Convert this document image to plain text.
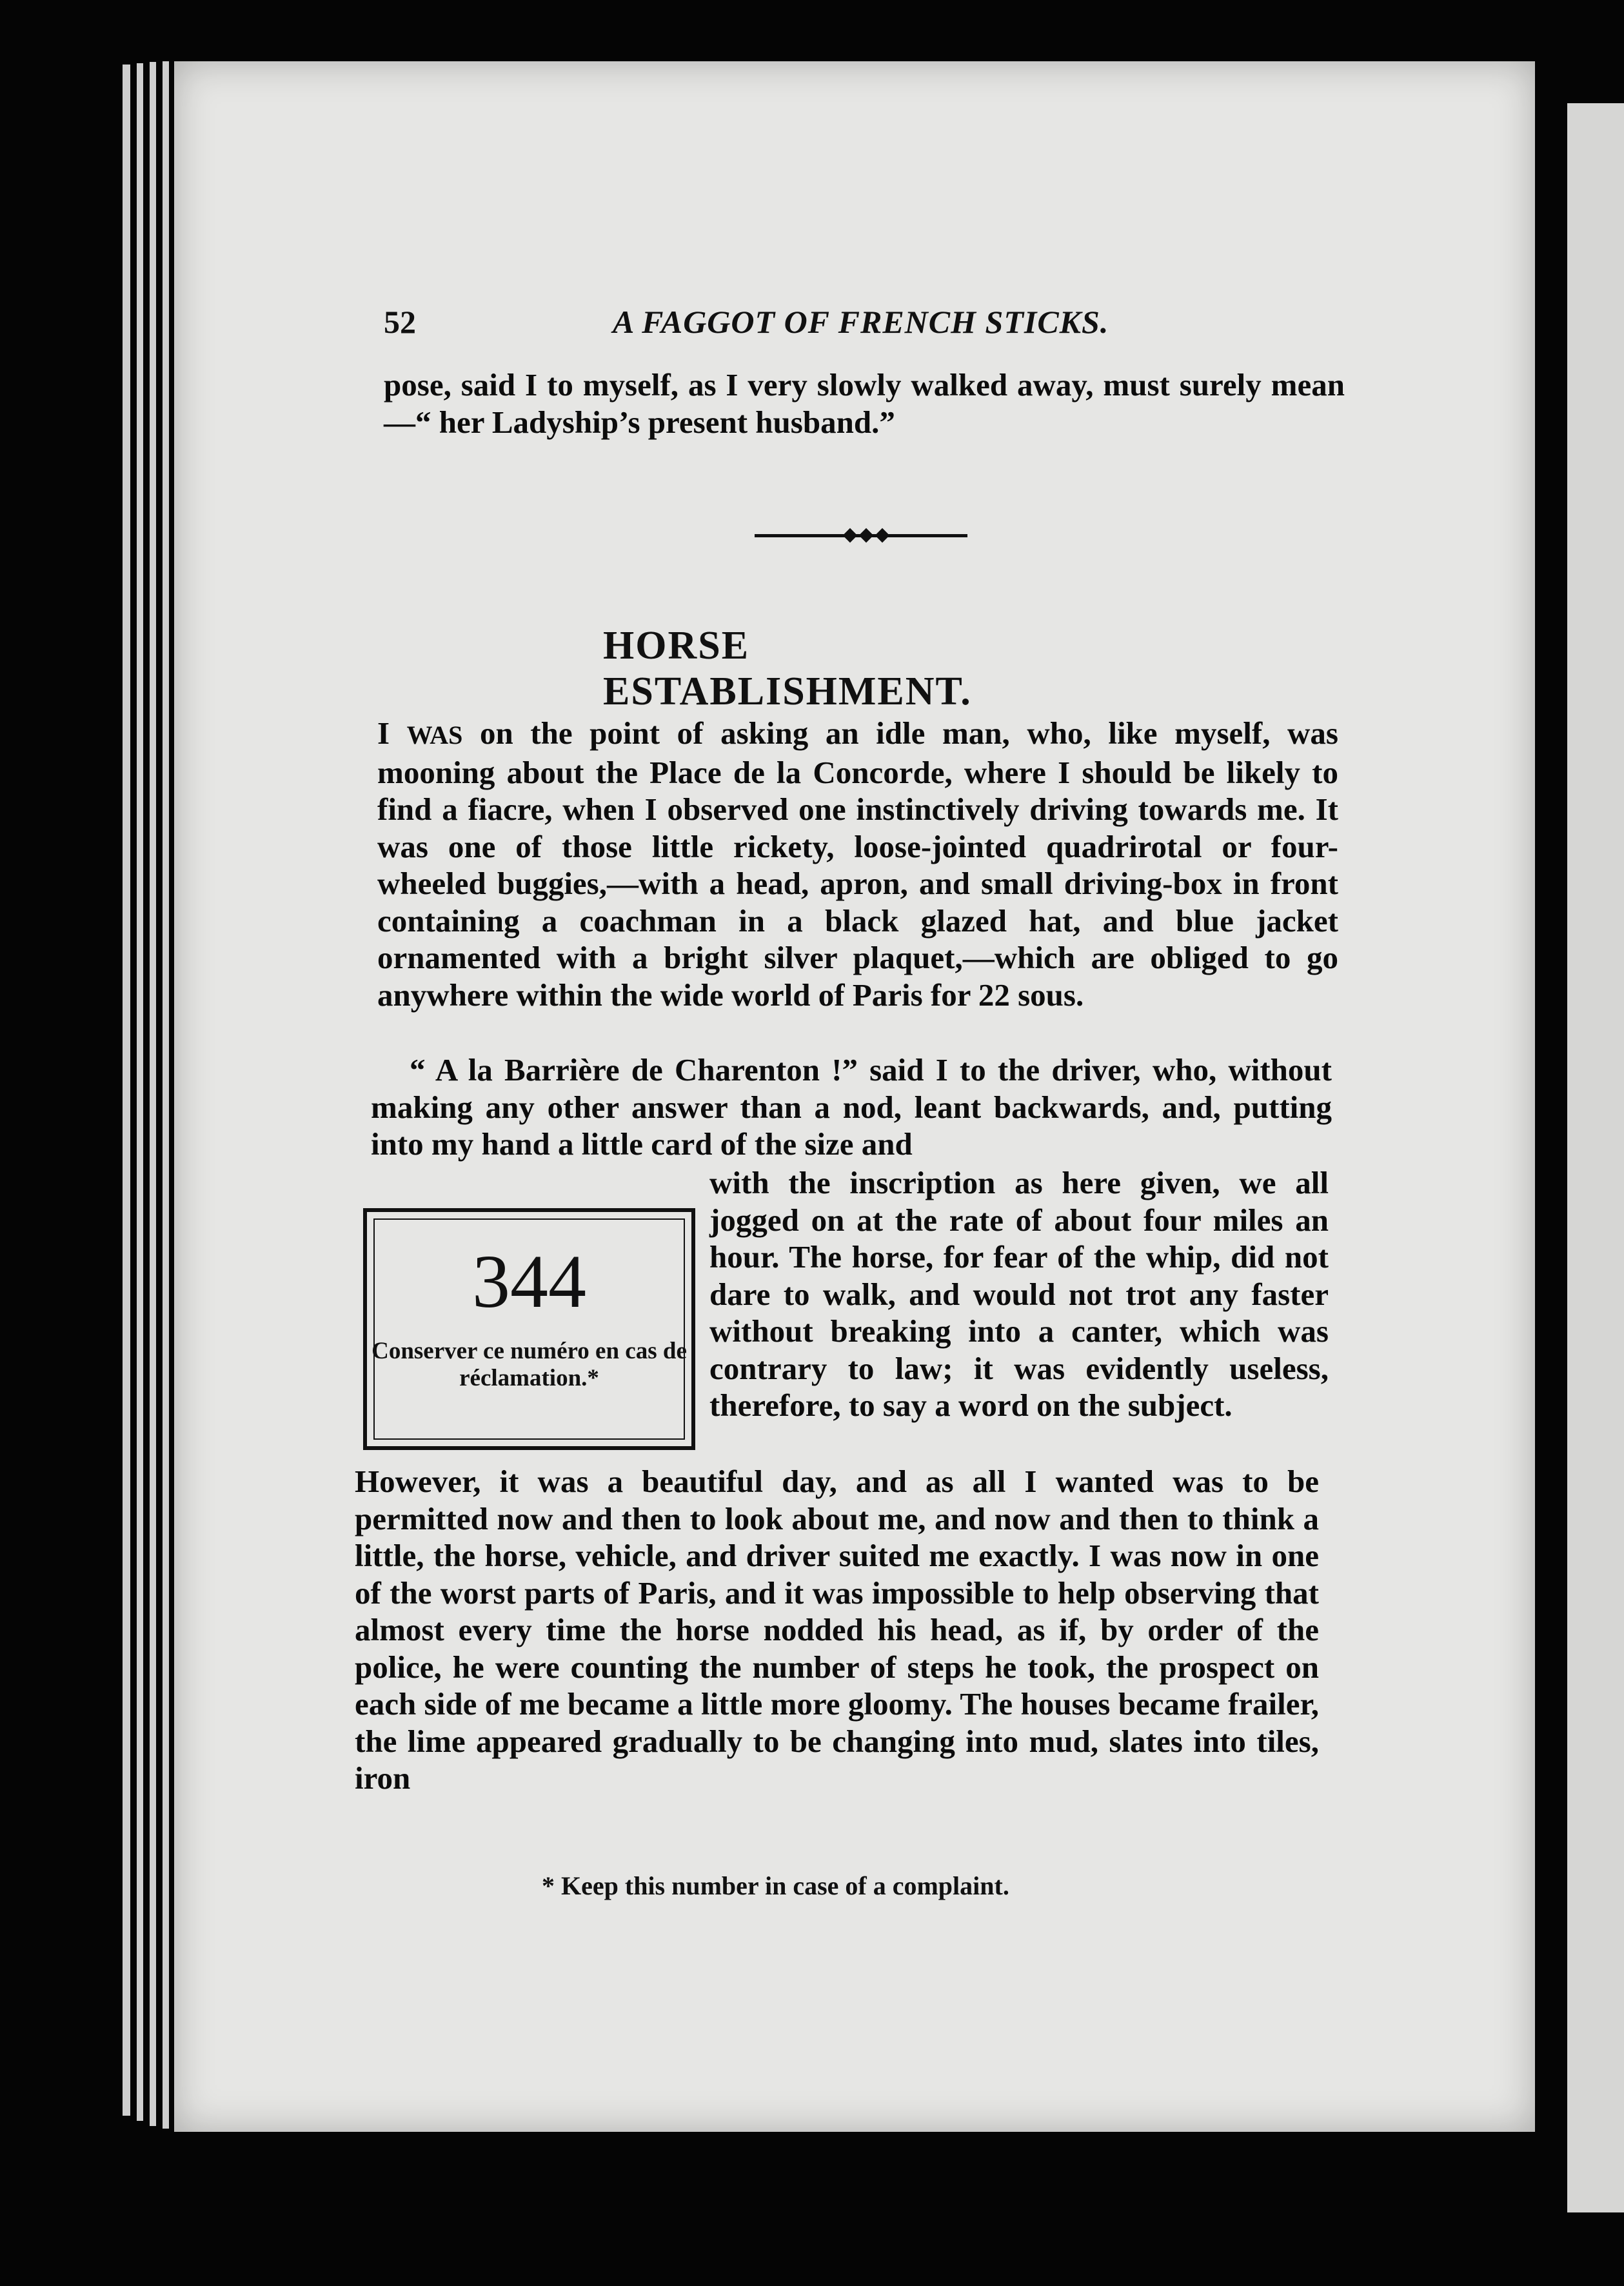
52	A FAGGOT OF FRENCH STICKS.
pose, said I to myself, as I very slowly walked away, must surely mean—“ her Ladyship’s present husband.”
HORSE ESTABLISHMENT.
I WAS on the point of asking an idle man, who, like myself, was mooning about the Place de la Concorde, where I should be likely to find a fiacre, when I observed one instinctively driving towards me. It was one of those little rickety, loose-jointed quadrirotal or four-wheeled buggies,—with a head, apron, and small driving-box in front containing a coachman in a black glazed hat, and blue jacket ornamented with a bright silver plaquet,—which are obliged to go anywhere within the wide world of Paris for 22 sous.
“ A la Barrière de Charenton !” said I to the driver, who, without making any other answer than a nod, leant backwards, and, putting into my hand a little card of the size and
with the inscription as here given, we all jogged on at the rate of about four miles an hour. The horse, for fear of the whip, did not dare to walk, and would not trot any faster without breaking into a canter, which was contrary to law; it was evidently useless, therefore, to say a word on the subject.
344
Conserver ce numéro en cas de réclamation.*
However, it was a beautiful day, and as all I wanted was to be permitted now and then to look about me, and now and then to think a little, the horse, vehicle, and driver suited me exactly. I was now in one of the worst parts of Paris, and it was impossible to help observing that almost every time the horse nodded his head, as if, by order of the police, he were counting the number of steps he took, the prospect on each side of me became a little more gloomy. The houses became frailer, the lime appeared gradually to be changing into mud, slates into tiles, iron
* Keep this number in case of a complaint.
